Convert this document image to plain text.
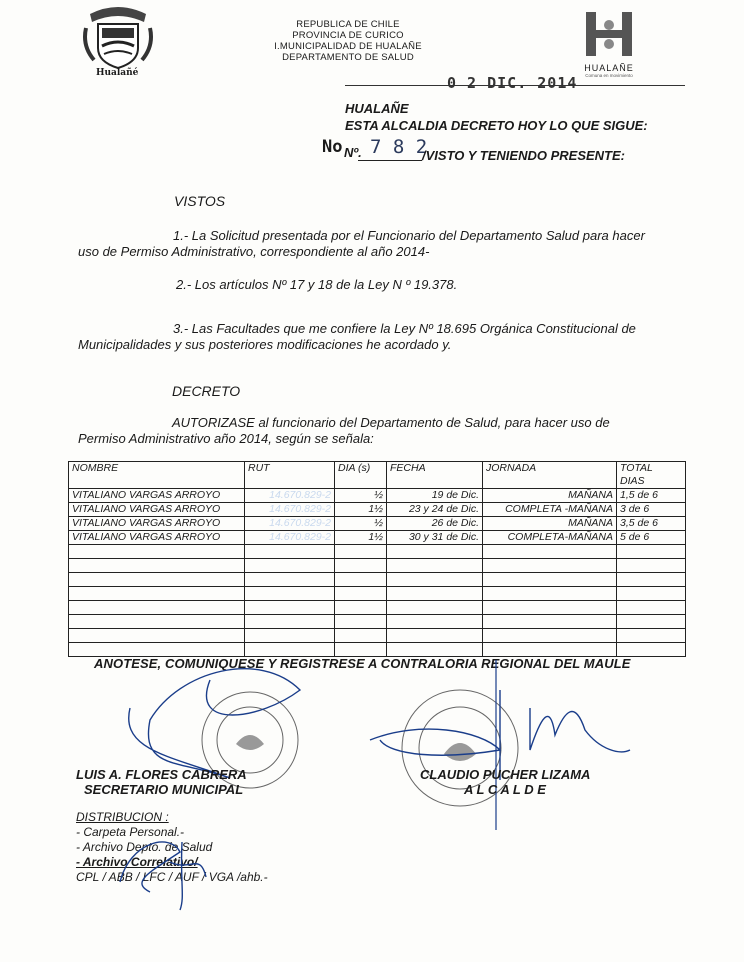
Hualañé
REPUBLICA DE CHILE
PROVINCIA DE CURICO
I.MUNICIPALIDAD DE HUALAÑE
DEPARTAMENTO DE SALUD
HUALAÑE
Comuna en movimiento
0 2 DIC. 2014
HUALAÑE
ESTA ALCALDIA DECRETO HOY LO QUE SIGUE:
No Nº. 7 8 2
/VISTO Y TENIENDO PRESENTE:
VISTOS
1.- La Solicitud presentada por el Funcionario del Departamento Salud para hacer
uso de Permiso Administrativo, correspondiente al año 2014-
2.- Los artículos Nº 17 y 18 de la Ley N º 19.378.
3.- Las Facultades que me confiere la Ley Nº 18.695 Orgánica Constitucional de
Municipalidades y sus posteriores modificaciones he acordado y.
DECRETO
AUTORIZASE al funcionario del Departamento de Salud, para hacer uso de
Permiso Administrativo año 2014, según se señala:
NOMBRE	RUT	DIA (s)	FECHA	JORNADA	TOTAL
DIAS
VITALIANO VARGAS ARROYO	14.670.829-2	½	19 de Dic.	MAÑANA	1,5 de 6
VITALIANO VARGAS ARROYO	14.670.829-2	1½	23 y 24 de Dic.	COMPLETA -MAÑANA	3 de 6
VITALIANO VARGAS ARROYO	14.670.829-2	½	26 de Dic.	MAÑANA	3,5 de 6
VITALIANO VARGAS ARROYO	14.670.829-2	1½	30 y 31 de Dic.	COMPLETA-MAÑANA	5 de 6

ANOTESE, COMUNIQUESE Y REGISTRESE A CONTRALORIA REGIONAL DEL MAULE
LUIS A. FLORES CABRERA
SECRETARIO MUNICIPAL
CLAUDIO PUCHER LIZAMA
A L C A L D E
DISTRIBUCION :
- Carpeta Personal.-
- Archivo Depto. de Salud
- Archivo Correlativo/
CPL / ABB / LFC / AUF / VGA /ahb.-
